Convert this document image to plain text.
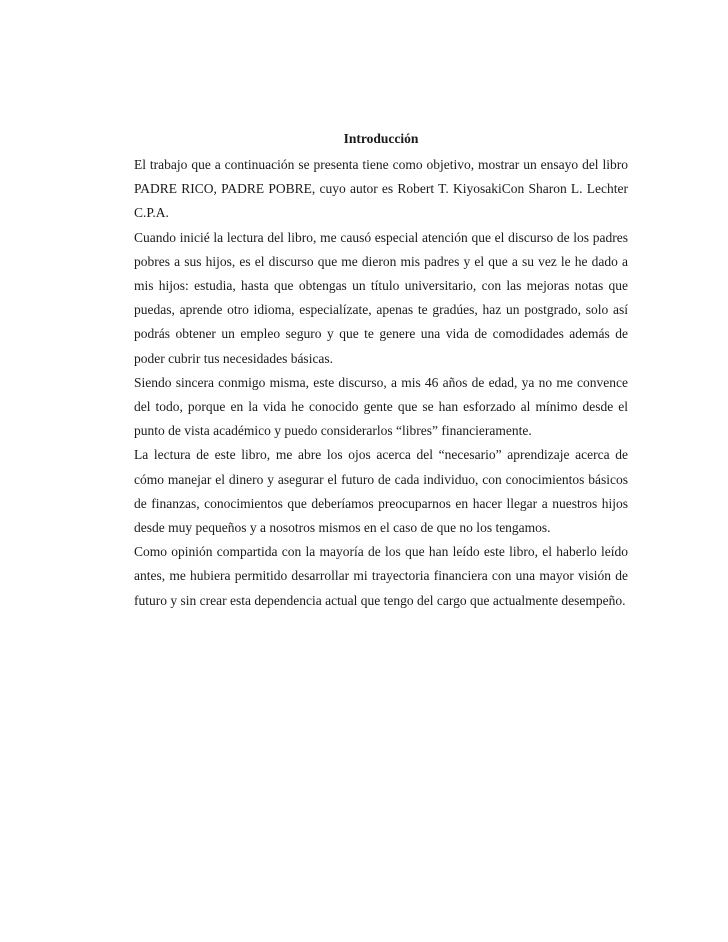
Introducción

El trabajo que a continuación se presenta tiene como objetivo, mostrar un ensayo del libro PADRE RICO, PADRE POBRE, cuyo autor es Robert T. KiyosakiCon Sharon L. Lechter C.P.A.

Cuando inicié la lectura del libro, me causó especial atención que el discurso de los padres pobres a sus hijos, es el discurso que me dieron mis padres y el que a su vez le he dado a mis hijos: estudia, hasta que obtengas un título universitario, con las mejoras notas que puedas, aprende otro idioma, especialízate, apenas te gradúes, haz un postgrado, solo así podrás obtener un empleo seguro y que te genere una vida de comodidades además de poder cubrir tus necesidades básicas.

Siendo sincera conmigo misma, este discurso, a mis 46 años de edad, ya no me convence del todo, porque en la vida he conocido gente que se han esforzado al mínimo desde el punto de vista académico y puedo considerarlos “libres” financieramente.

La lectura de este libro, me abre los ojos acerca del “necesario” aprendizaje acerca de cómo manejar el dinero y asegurar el futuro de cada individuo, con conocimientos básicos de finanzas, conocimientos que deberíamos preocuparnos en hacer llegar a nuestros hijos desde muy pequeños y a nosotros mismos en el caso de que no los tengamos.

Como opinión compartida con la mayoría de los que han leído este libro, el haberlo leído antes, me hubiera permitido desarrollar mi trayectoria financiera con una mayor visión de futuro y sin crear esta dependencia actual que tengo del cargo que actualmente desempeño.
